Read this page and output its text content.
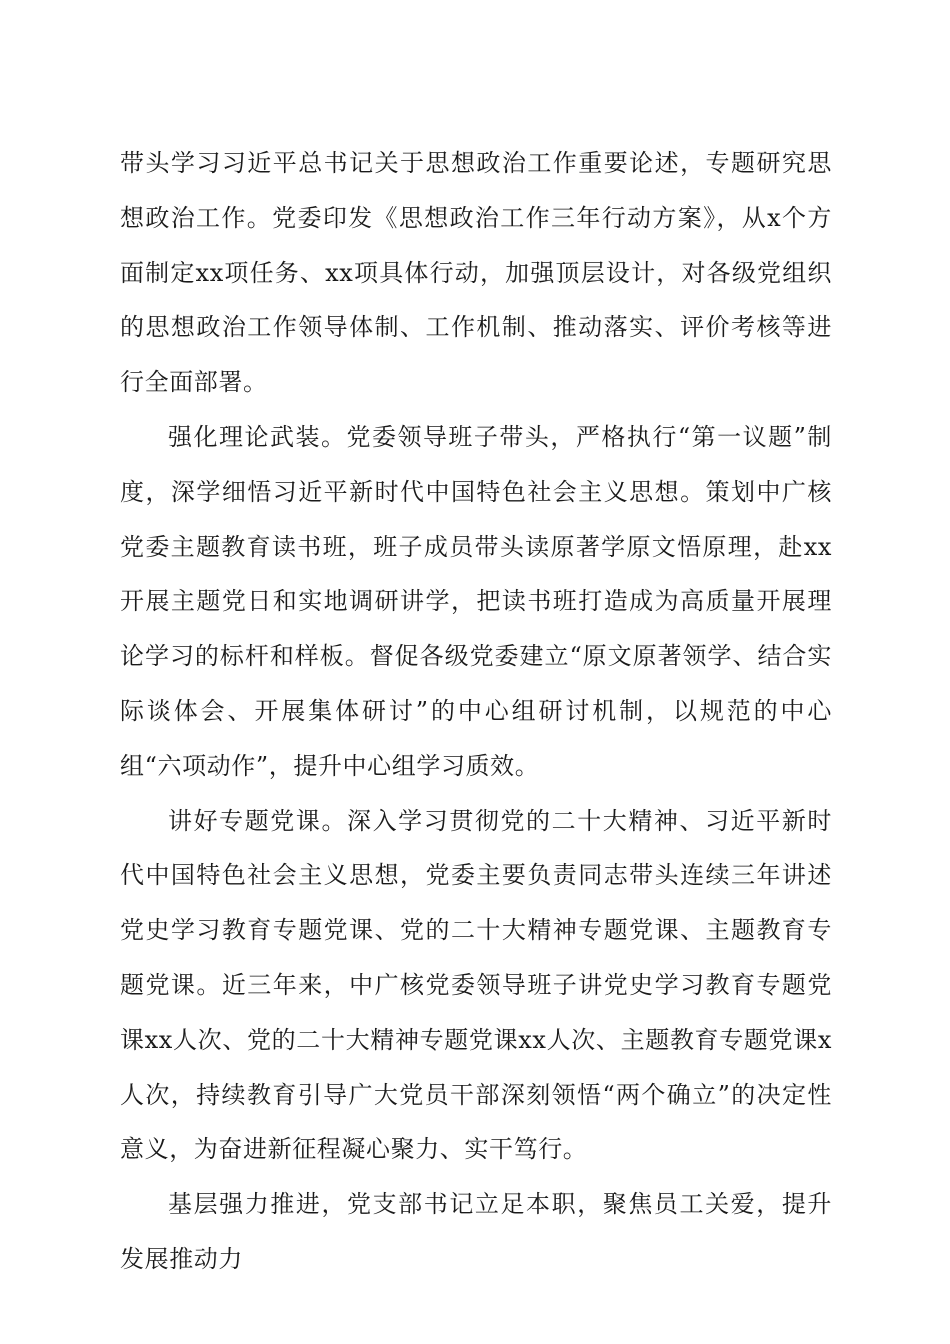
带头学习习近平总书记关于思想政治工作重要论述，专题研究思想政治工作。党委印发《思想政治工作三年行动方案》，从x个方面制定xx项任务、xx项具体行动，加强顶层设计，对各级党组织的思想政治工作领导体制、工作机制、推动落实、评价考核等进行全面部署。

强化理论武装。党委领导班子带头，严格执行“第一议题”制度，深学细悟习近平新时代中国特色社会主义思想。策划中广核党委主题教育读书班，班子成员带头读原著学原文悟原理，赴xx开展主题党日和实地调研讲学，把读书班打造成为高质量开展理论学习的标杆和样板。督促各级党委建立“原文原著领学、结合实际谈体会、开展集体研讨”的中心组研讨机制，以规范的中心组“六项动作”，提升中心组学习质效。

讲好专题党课。深入学习贯彻党的二十大精神、习近平新时代中国特色社会主义思想，党委主要负责同志带头连续三年讲述党史学习教育专题党课、党的二十大精神专题党课、主题教育专题党课。近三年来，中广核党委领导班子讲党史学习教育专题党课xx人次、党的二十大精神专题党课xx人次、主题教育专题党课x人次，持续教育引导广大党员干部深刻领悟“两个确立”的决定性意义，为奋进新征程凝心聚力、实干笃行。

基层强力推进，党支部书记立足本职，聚焦员工关爱，提升发展推动力
